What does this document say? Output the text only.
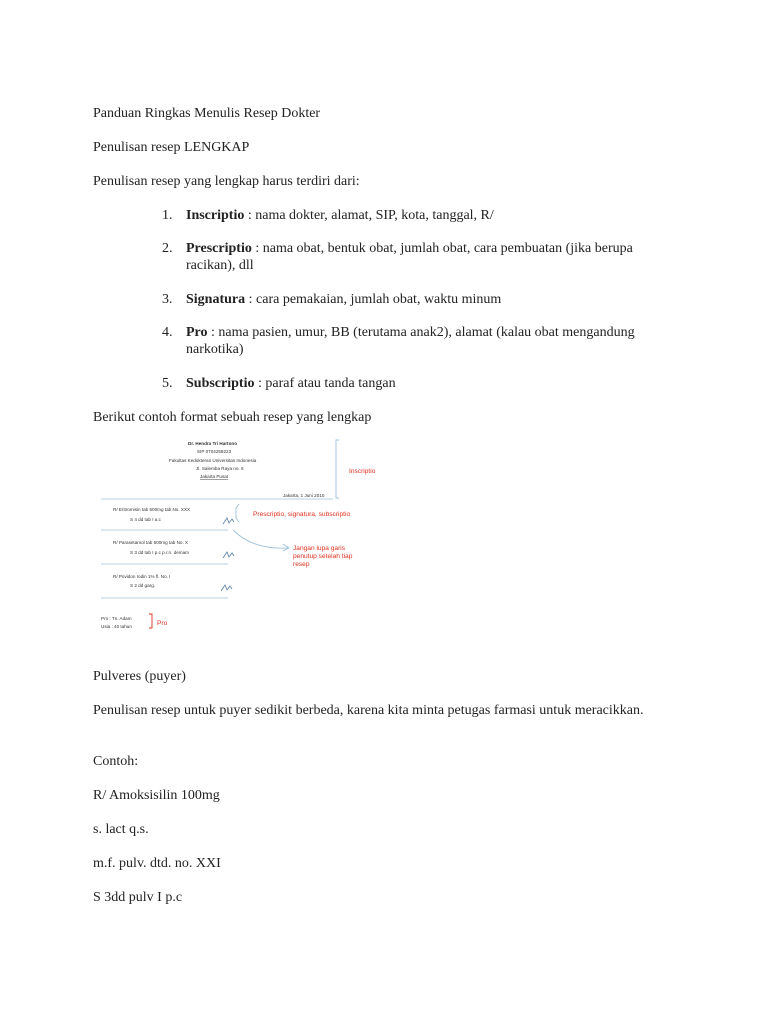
Panduan Ringkas Menulis Resep Dokter
Penulisan resep LENGKAP
Penulisan resep yang lengkap harus terdiri dari:
1. Inscriptio : nama dokter, alamat, SIP, kota, tanggal, R/
2. Prescriptio : nama obat, bentuk obat, jumlah obat, cara pembuatan (jika berupa racikan), dll
3. Signatura : cara pemakaian, jumlah obat, waktu minum
4. Pro : nama pasien, umur, BB (terutama anak2), alamat (kalau obat mengandung narkotika)
5. Subscriptio : paraf atau tanda tangan
Berikut contoh format sebuah resep yang lengkap
Dr. Hendra Tri Hartono
SIP 0704259223
Fakultas Kedokteran Universitas Indonesia
Jl. Salemba Raya no. 6
Jakarta Pusat
Jakarta, 1 Juni 2010
R/ Eritromisin tab 500mg tab No. XXX
S 4 dd tab I a.c
R/ Parasetamol tab 500mg tab No. X
S 3 dd tab I p.c p.r.n. demam
R/ Povidon Iodin 1% fl. No. I
S 2 dd garg.
Pro : Tn. Adam
Usia : 40 tahun
Inscriptio
Prescriptio, signatura, subscriptio
Jangan lupa garis
penutup setelah tiap
resep
Pro
Pulveres (puyer)
Penulisan resep untuk puyer sedikit berbeda, karena kita minta petugas farmasi untuk meracikkan.
Contoh:
R/ Amoksisilin 100mg
s. lact q.s.
m.f. pulv. dtd. no. XXI
S 3dd pulv I p.c
